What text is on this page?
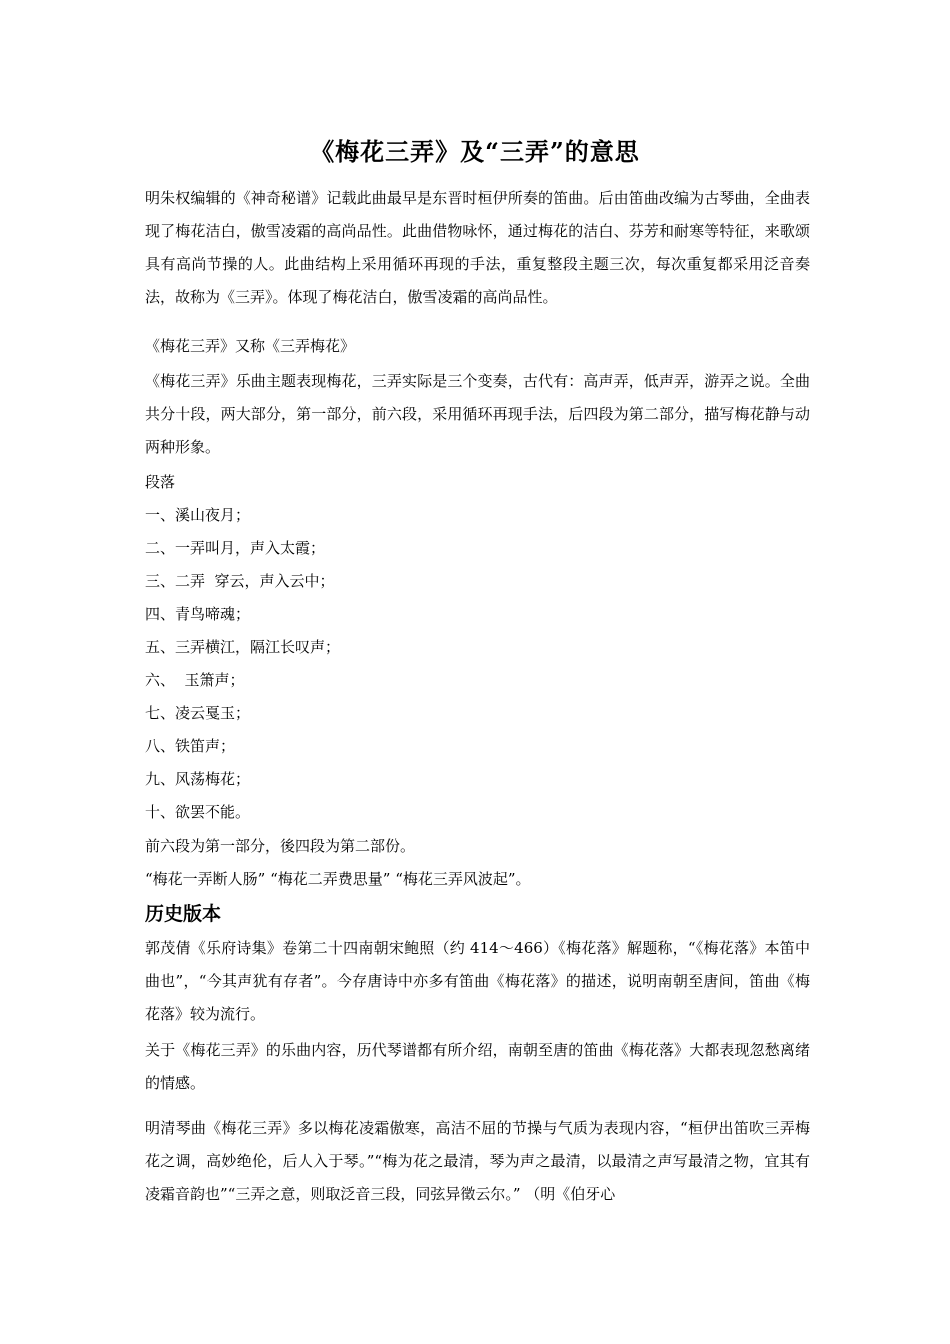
《梅花三弄》及“三弄”的意思

明朱权编辑的《神奇秘谱》记载此曲最早是东晋时桓伊所奏的笛曲。后由笛曲改编为古琴曲，全曲表现了梅花洁白，傲雪凌霜的高尚品性。此曲借物咏怀，通过梅花的洁白、芬芳和耐寒等特征，来歌颂具有高尚节操的人。此曲结构上采用循环再现的手法，重复整段主题三次，每次重复都采用泛音奏法，故称为《三弄》。体现了梅花洁白，傲雪凌霜的高尚品性。

《梅花三弄》又称《三弄梅花》

《梅花三弄》乐曲主题表现梅花，三弄实际是三个变奏，古代有：高声弄，低声弄，游弄之说。全曲共分十段，两大部分，第一部分，前六段，采用循环再现手法，后四段为第二部分，描写梅花静与动两种形象。

段落
一、溪山夜月；
二、一弄叫月，声入太霞；
三、二弄  穿云，声入云中；
四、青鸟啼魂；
五、三弄横江，隔江长叹声；
六、  玉箫声；
七、凌云戛玉；
八、铁笛声；
九、风荡梅花；
十、欲罢不能。
前六段为第一部分，後四段为第二部份。
“梅花一弄断人肠” “梅花二弄费思量” “梅花三弄风波起”。
历史版本

郭茂倩《乐府诗集》卷第二十四南朝宋鲍照（约 414～466）《梅花落》解题称，“《梅花落》本笛中曲也”，“今其声犹有存者”。今存唐诗中亦多有笛曲《梅花落》的描述，说明南朝至唐间，笛曲《梅花落》较为流行。

关于《梅花三弄》的乐曲内容，历代琴谱都有所介绍，南朝至唐的笛曲《梅花落》大都表现忽愁离绪的情感。

明清琴曲《梅花三弄》多以梅花凌霜傲寒，高洁不屈的节操与气质为表现内容，“桓伊出笛吹三弄梅花之调，高妙绝伦，后人入于琴。”“梅为花之最清，琴为声之最清，以最清之声写最清之物，宜其有凌霜音韵也”“三弄之意，则取泛音三段，同弦异徵云尔。” （明《伯牙心
